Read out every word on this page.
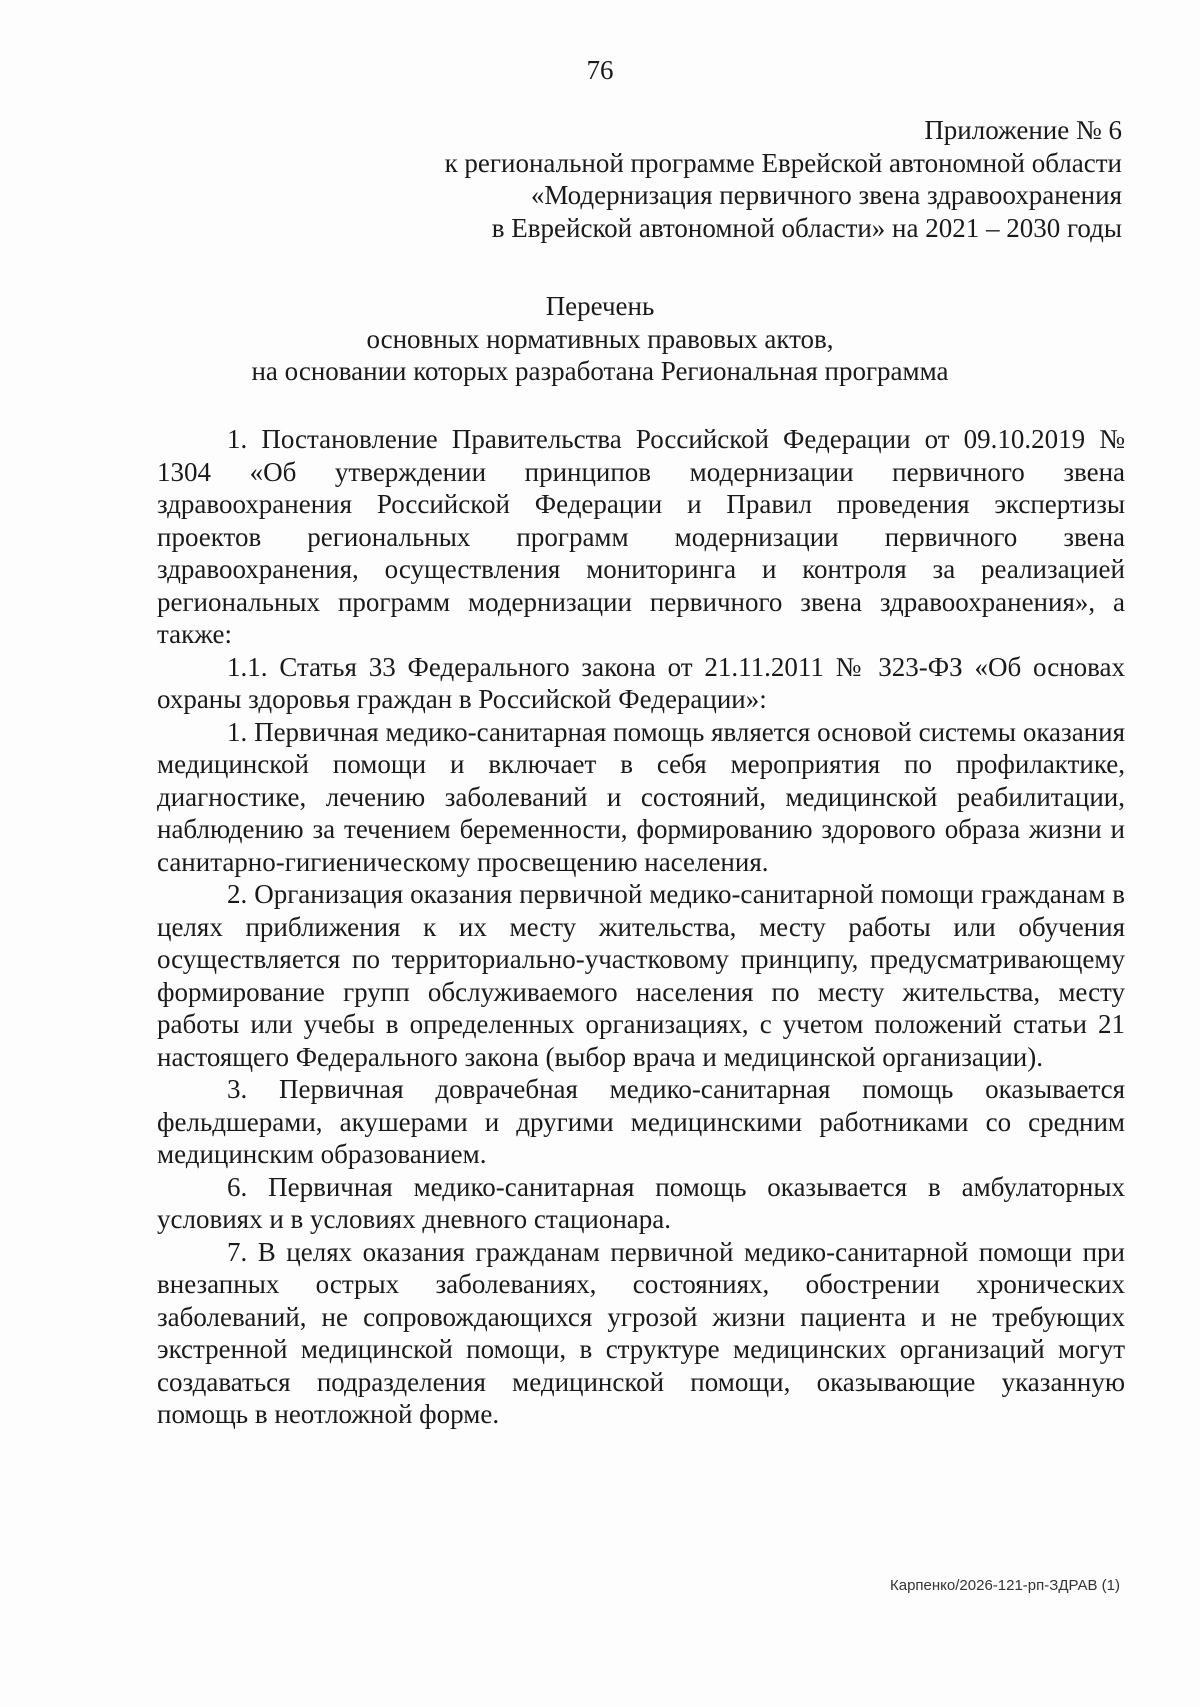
76
Приложение № 6
к региональной программе Еврейской автономной области
«Модернизация первичного звена здравоохранения
в Еврейской автономной области» на 2021 – 2030 годы
Перечень
основных нормативных правовых актов,
на основании которых разработана Региональная программа

1. Постановление Правительства Российской Федерации от 09.10.2019 № 1304 «Об утверждении принципов модернизации первичного звена здравоохранения Российской Федерации и Правил проведения экспертизы проектов региональных программ модернизации первичного звена здравоохранения, осуществления мониторинга и контроля за реализацией региональных программ модернизации первичного звена здравоохранения», а также:

1.1. Статья 33 Федерального закона от 21.11.2011 № 323-ФЗ «Об основах охраны здоровья граждан в Российской Федерации»:

1. Первичная медико-санитарная помощь является основой системы оказания медицинской помощи и включает в себя мероприятия по профилактике, диагностике, лечению заболеваний и состояний, медицинской реабилитации, наблюдению за течением беременности, формированию здорового образа жизни и санитарно-гигиеническому просвещению населения.

2. Организация оказания первичной медико-санитарной помощи гражданам в целях приближения к их месту жительства, месту работы или обучения осуществляется по территориально-участковому принципу, предусматривающему формирование групп обслуживаемого населения по месту жительства, месту работы или учебы в определенных организациях, с учетом положений статьи 21 настоящего Федерального закона (выбор врача и медицинской организации).

3. Первичная доврачебная медико-санитарная помощь оказывается фельдшерами, акушерами и другими медицинскими работниками со средним медицинским образованием.

6. Первичная медико-санитарная помощь оказывается в амбулаторных условиях и в условиях дневного стационара.

7. В целях оказания гражданам первичной медико-санитарной помощи при внезапных острых заболеваниях, состояниях, обострении хронических заболеваний, не сопровождающихся угрозой жизни пациента и не требующих экстренной медицинской помощи, в структуре медицинских организаций могут создаваться подразделения медицинской помощи, оказывающие указанную помощь в неотложной форме.

Карпенко/2026-121-рп-ЗДРАВ (1)
